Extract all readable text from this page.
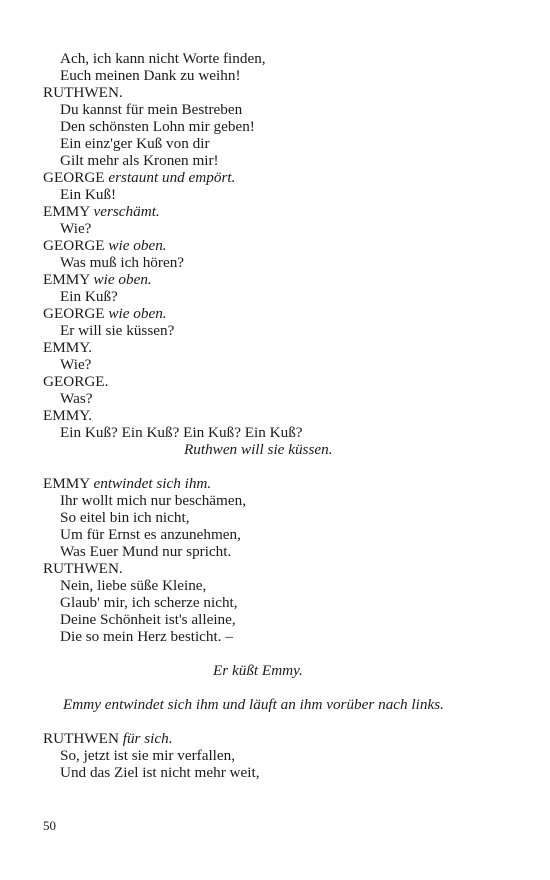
Ach, ich kann nicht Worte finden,
Euch meinen Dank zu weihn!
RUTHWEN.
Du kannst für mein Bestreben
Den schönsten Lohn mir geben!
Ein einz'ger Kuß von dir
Gilt mehr als Kronen mir!
GEORGE erstaunt und empört.
Ein Kuß!
EMMY verschämt.
Wie?
GEORGE wie oben.
Was muß ich hören?
EMMY wie oben.
Ein Kuß?
GEORGE wie oben.
Er will sie küssen?
EMMY.
Wie?
GEORGE.
Was?
EMMY.
Ein Kuß? Ein Kuß? Ein Kuß? Ein Kuß?
Ruthwen will sie küssen.
EMMY entwindet sich ihm.
Ihr wollt mich nur beschämen,
So eitel bin ich nicht,
Um für Ernst es anzunehmen,
Was Euer Mund nur spricht.
RUTHWEN.
Nein, liebe süße Kleine,
Glaub' mir, ich scherze nicht,
Deine Schönheit ist's alleine,
Die so mein Herz besticht. –
Er küßt Emmy.
Emmy entwindet sich ihm und läuft an ihm vorüber nach links.
RUTHWEN für sich.
So, jetzt ist sie mir verfallen,
Und das Ziel ist nicht mehr weit,
50
